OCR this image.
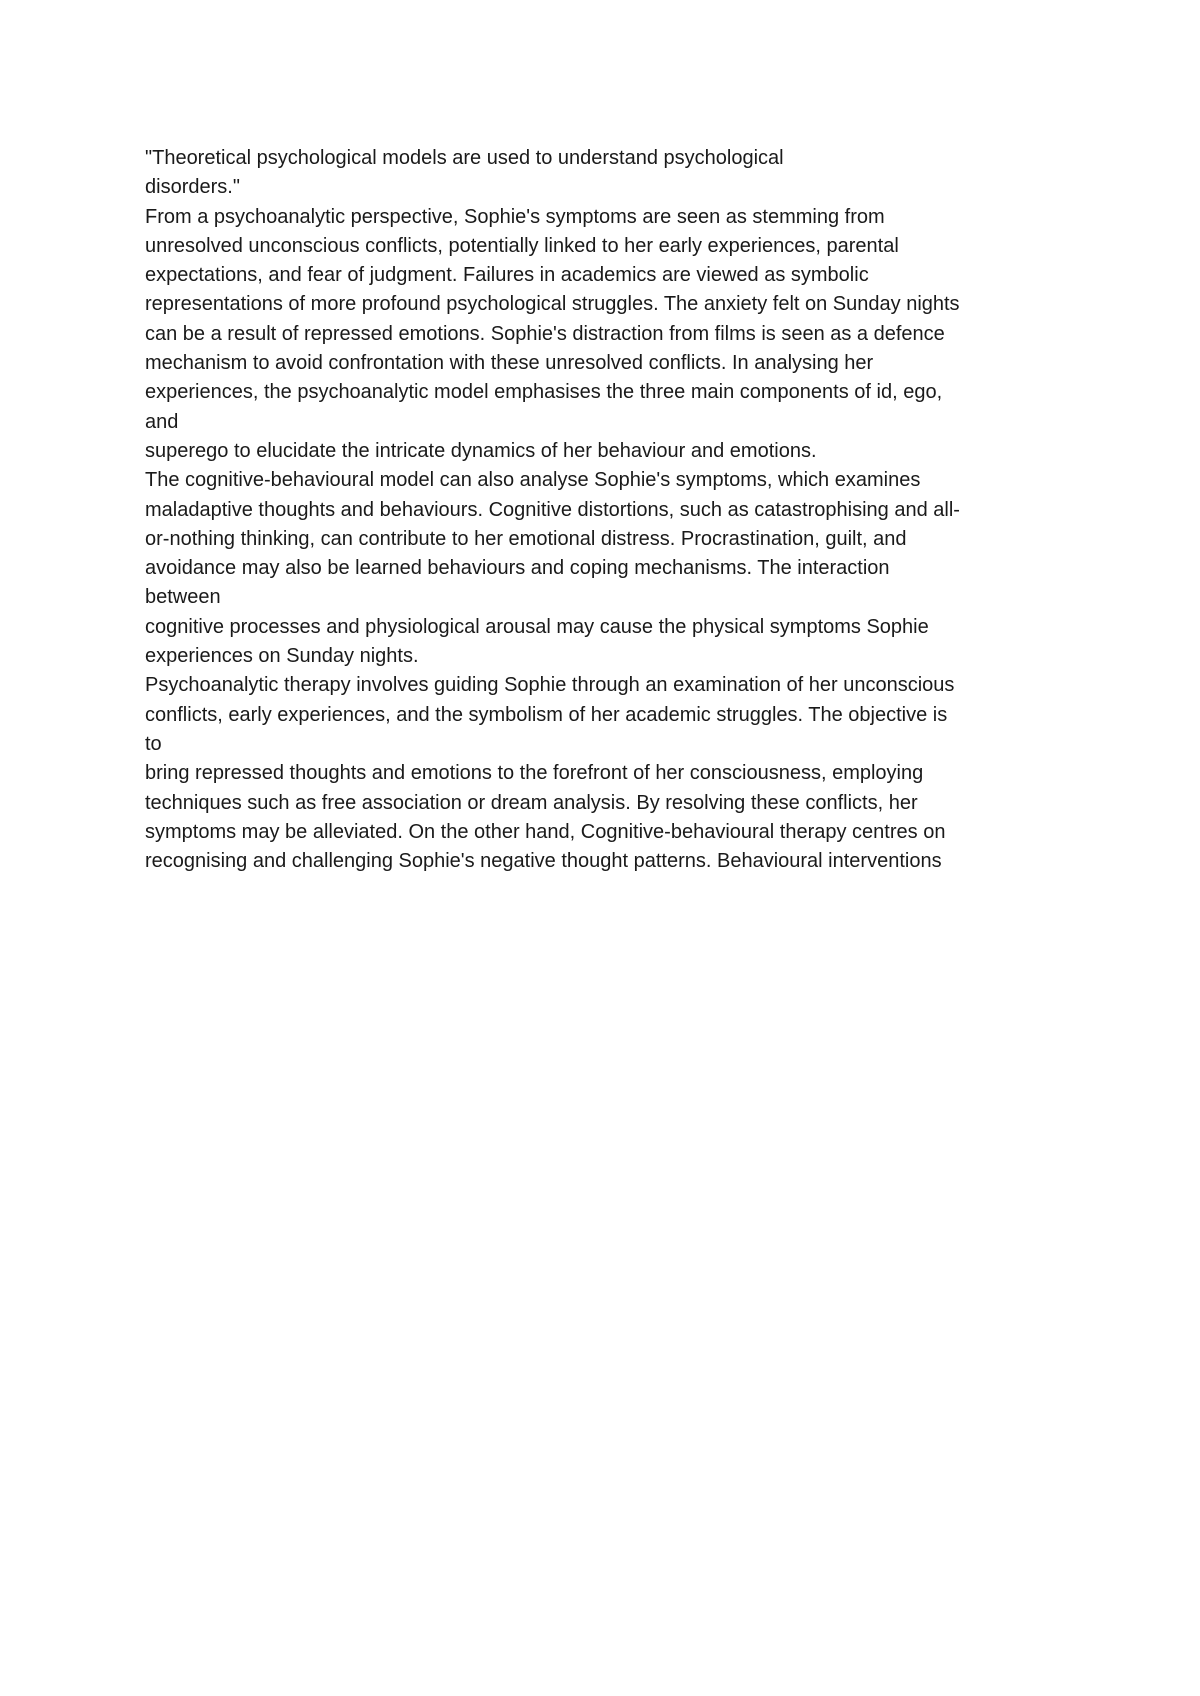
"Theoretical psychological models are used to understand psychological
disorders."
From a psychoanalytic perspective, Sophie's symptoms are seen as stemming from
unresolved unconscious conflicts, potentially linked to her early experiences, parental
expectations, and fear of judgment. Failures in academics are viewed as symbolic
representations of more profound psychological struggles. The anxiety felt on Sunday nights
can be a result of repressed emotions. Sophie's distraction from films is seen as a defence
mechanism to avoid confrontation with these unresolved conflicts. In analysing her
experiences, the psychoanalytic model emphasises the three main components of id, ego,
and
superego to elucidate the intricate dynamics of her behaviour and emotions.
The cognitive-behavioural model can also analyse Sophie's symptoms, which examines
maladaptive thoughts and behaviours. Cognitive distortions, such as catastrophising and all-
or-nothing thinking, can contribute to her emotional distress. Procrastination, guilt, and
avoidance may also be learned behaviours and coping mechanisms. The interaction
between
cognitive processes and physiological arousal may cause the physical symptoms Sophie
experiences on Sunday nights.
Psychoanalytic therapy involves guiding Sophie through an examination of her unconscious
conflicts, early experiences, and the symbolism of her academic struggles. The objective is
to
bring repressed thoughts and emotions to the forefront of her consciousness, employing
techniques such as free association or dream analysis. By resolving these conflicts, her
symptoms may be alleviated. On the other hand, Cognitive-behavioural therapy centres on
recognising and challenging Sophie's negative thought patterns. Behavioural interventions
